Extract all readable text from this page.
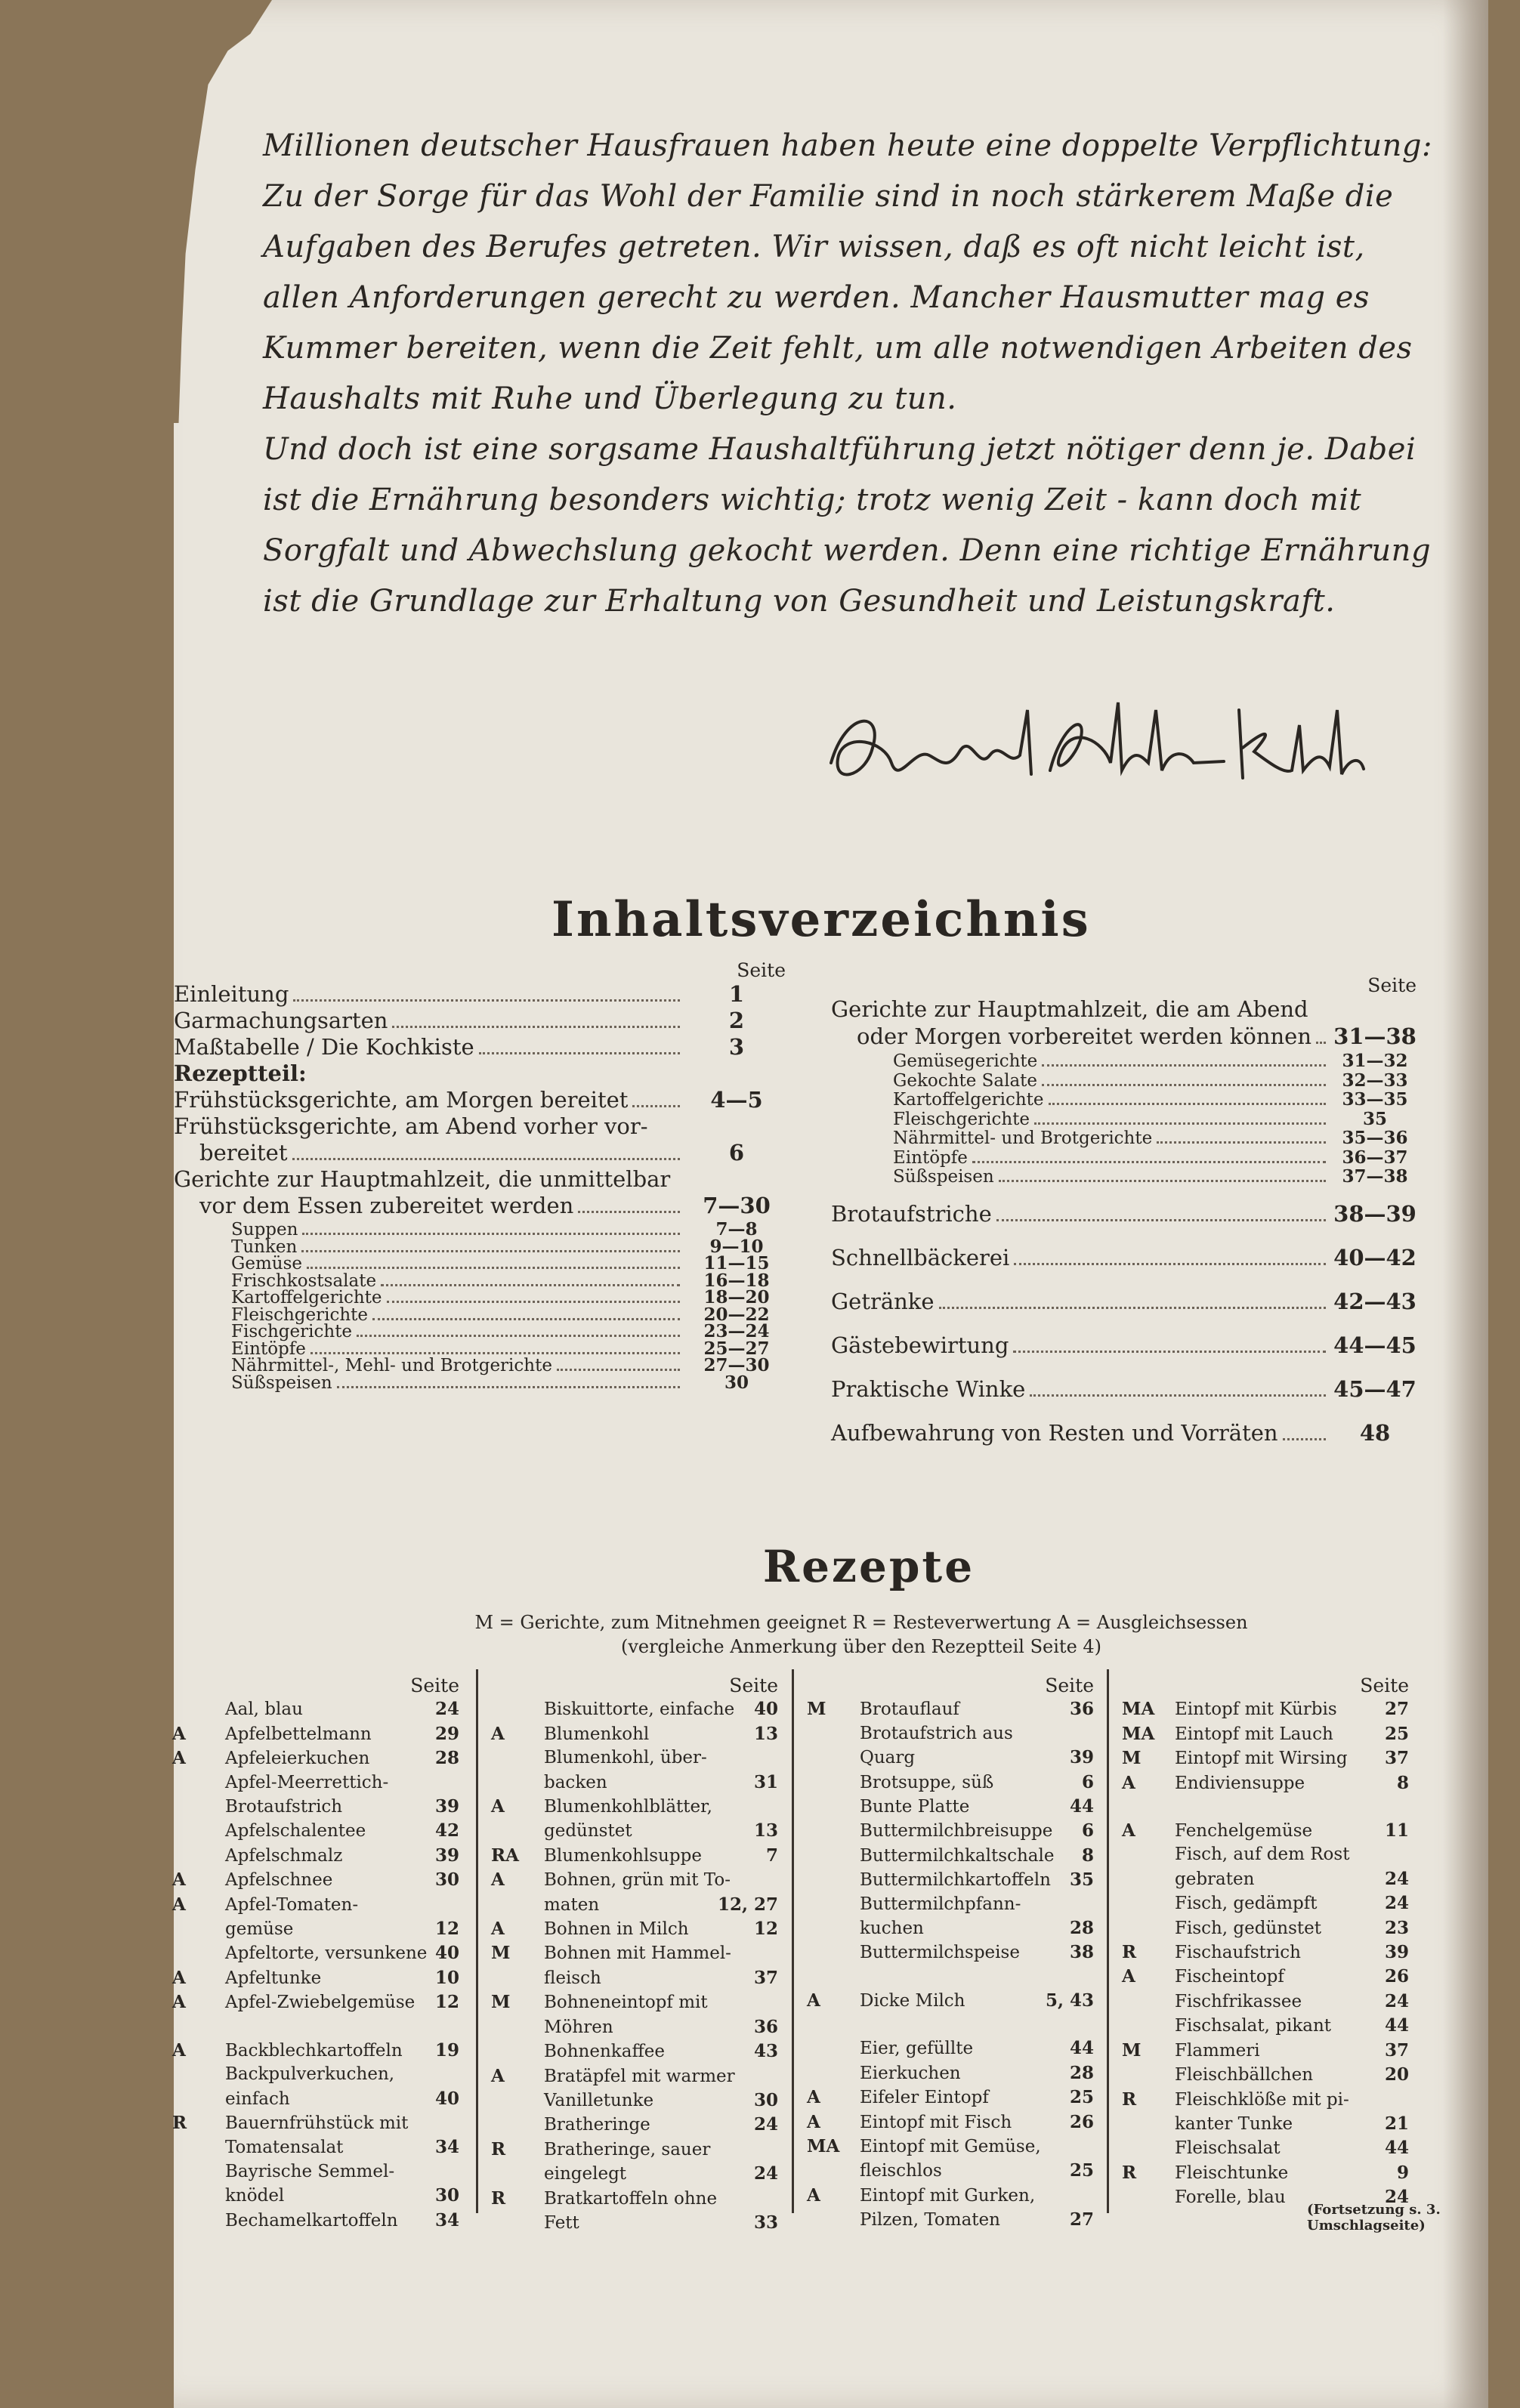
Millionen deutscher Hausfrauen haben heute eine doppelte Verpflichtung:

Zu der Sorge für das Wohl der Familie sind in noch stärkerem Maße die

Aufgaben des Berufes getreten. Wir wissen, daß es oft nicht leicht ist,

allen Anforderungen gerecht zu werden. Mancher Hausmutter mag es

Kummer bereiten, wenn die Zeit fehlt, um alle notwendigen Arbeiten des

Haushalts mit Ruhe und Überlegung zu tun.

Und doch ist eine sorgsame Haushaltführung jetzt nötiger denn je. Dabei

ist die Ernährung besonders wichtig; trotz wenig Zeit - kann doch mit

Sorgfalt und Abwechslung gekocht werden. Denn eine richtige Ernährung

ist die Grundlage zur Erhaltung von Gesundheit und Leistungskraft.

Inhaltsverzeichnis
Seite
Einleitung	1
Garmachungsarten	2
Maßtabelle / Die Kochkiste	3
Rezeptteil:
Frühstücksgerichte, am Morgen bereitet	4—5
Frühstücksgerichte, am Abend vorher vor-
bereitet	6
Gerichte zur Hauptmahlzeit, die unmittelbar
vor dem Essen zubereitet werden	7—30
Suppen	7—8
Tunken	9—10
Gemüse	11—15
Frischkostsalate	16—18
Kartoffelgerichte	18—20
Fleischgerichte	20—22
Fischgerichte	23—24
Eintöpfe	25—27
Nährmittel-, Mehl- und Brotgerichte	27—30
Süßspeisen	30
Seite
Gerichte zur Hauptmahlzeit, die am Abend
oder Morgen vorbereitet werden können 31—38
Gemüsegerichte	31—32
Gekochte Salate	32—33
Kartoffelgerichte	33—35
Fleischgerichte	35
Nährmittel- und Brotgerichte	35—36
Eintöpfe	36—37
Süßspeisen	37—38
Brotaufstriche	38—39
Schnellbäckerei	40—42
Getränke	42—43
Gästebewirtung	44—45
Praktische Winke	45—47
Aufbewahrung von Resten und Vorräten	48
Rezepte
M = Gerichte, zum Mitnehmen geeignet R = Resteverwertung A = Ausgleichsessen
(vergleiche Anmerkung über den Rezeptteil Seite 4)
Seite
Aal, blau	24
A	Apfelbettelmann	29
A	Apfeleierkuchen	28
Apfel-Meerrettich-
Brotaufstrich	39
Apfelschalentee	42
Apfelschmalz	39
A	Apfelschnee	30
A	Apfel-Tomaten-
gemüse	12
Apfeltorte, versunkene 40
A	Apfeltunke	10
A	Apfel-Zwiebelgemüse	12
A	Backblechkartoffeln	19
Backpulverkuchen,
einfach	40
R	Bauernfrühstück mit
Tomatensalat	34
Bayrische Semmel-
knödel	30
Bechamelkartoffeln	34
Seite
Biskuittorte, einfache	40
A	Blumenkohl	13
Blumenkohl, über-
backen	31
A	Blumenkohlblätter,
gedünstet	13
RA	Blumenkohlsuppe	7
A	Bohnen, grün mit To-
maten	12, 27
A	Bohnen in Milch	12
M	Bohnen mit Hammel-
fleisch	37
M	Bohneneintopf mit
Möhren	36
Bohnenkaffee	43
A	Bratäpfel mit warmer
Vanilletunke	30
Bratheringe	24
R	Bratheringe, sauer
eingelegt	24
R	Bratkartoffeln ohne
Fett	33
Seite
M	Brotauflauf	36
Brotaufstrich aus
Quarg	39
Brotsuppe, süß	6
Bunte Platte	44
Buttermilchbreisuppe	6
Buttermilchkaltschale	8
Buttermilchkartoffeln	35
Buttermilchpfann-
kuchen	28
Buttermilchspeise	38
A	Dicke Milch	5, 43
Eier, gefüllte	44
Eierkuchen	28
A	Eifeler Eintopf	25
A	Eintopf mit Fisch	26
MA	Eintopf mit Gemüse,
fleischlos	25
A	Eintopf mit Gurken,
Pilzen, Tomaten	27
Seite
MA	Eintopf mit Kürbis	27
MA	Eintopf mit Lauch	25
M	Eintopf mit Wirsing	37
A	Endiviensuppe	8
A	Fenchelgemüse	11
Fisch, auf dem Rost
gebraten	24
Fisch, gedämpft	24
Fisch, gedünstet	23
R	Fischaufstrich	39
A	Fischeintopf	26
Fischfrikassee	24
Fischsalat, pikant	44
M	Flammeri	37
Fleischbällchen	20
R	Fleischklöße mit pi-
kanter Tunke	21
Fleischsalat	44
R	Fleischtunke	9
Forelle, blau	24
(Fortsetzung s. 3. Umschlagseite)
